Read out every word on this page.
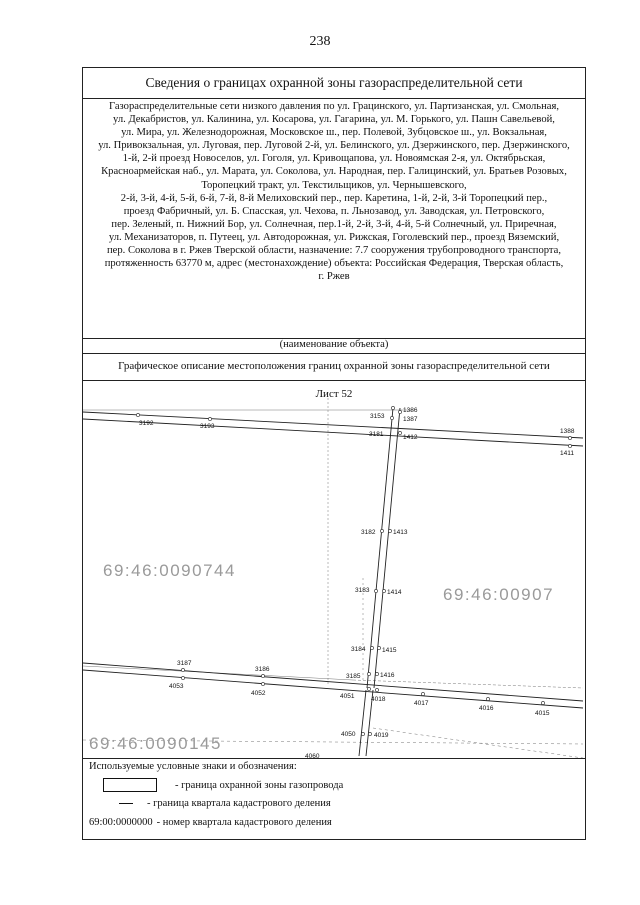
238
Сведения о границах охранной зоны газораспределительной сети
Газораспределительные сети низкого давления по ул. Грацинского, ул. Партизанская, ул. Смольная,
ул. Декабристов, ул. Калинина, ул. Косарова, ул. Гагарина, ул. М. Горького, ул. Пашн Савельевой,
ул. Мира, ул. Железнодорожная, Московское ш., пер. Полевой, Зубцовское ш., ул. Вокзальная,
ул. Привокзальная, ул. Луговая, пер. Луговой 2-й, ул. Белинского, ул. Дзержинского, пер. Дзержинского,
1-й, 2-й проезд Новоселов, ул. Гоголя, ул. Кривощапова, ул. Новоямская 2-я, ул. Октябрьская,
Красноармейская наб., ул. Марата, ул. Соколова, ул. Народная, пер. Галицинский, ул. Братьев Розовых,
Торопецкий тракт, ул. Текстильщиков, ул. Чернышевского,
2-й, 3-й, 4-й, 5-й, 6-й, 7-й, 8-й Мелиховский пер., пер. Каретина, 1-й, 2-й, 3-й Торопецкий пер.,
проезд Фабричный, ул. Б. Спасская, ул. Чехова, п. Льнозавод, ул. Заводская, ул. Петровского,
пер. Зеленый, п. Нижний Бор, ул. Солнечная, пер.1-й, 2-й, 3-й, 4-й, 5-й Солнечный, ул. Приречная,
ул. Механизаторов, п. Путеец, ул. Автодорожная, ул. Рижская, Гоголевский пер., проезд Вяземский,
пер. Соколова в г. Ржев Тверской области, назначение: 7.7 сооружения трубопроводного транспорта,
протяженность 63770 м, адрес (местонахождение) объекта: Российская Федерация, Тверская область,
г. Ржев
(наименование объекта)
Графическое описание местоположения границ охранной зоны газораспределительной сети
Лист 52
3192	3193
3153
1386
1387
3181	1412
1388
1411
3182	1413
3183	1414
3184	1415
3185	1416
3187
3186
4053
4052	4051	4018
4017
4016
4015
4050	4019
4060
69:46:0090744
69:46:00907
69:46:0090145
Используемые условные знаки и обозначения:
- граница охранной зоны газопровода
- граница квартала кадастрового деления
69:00:0000000 - номер квартала кадастрового деления
